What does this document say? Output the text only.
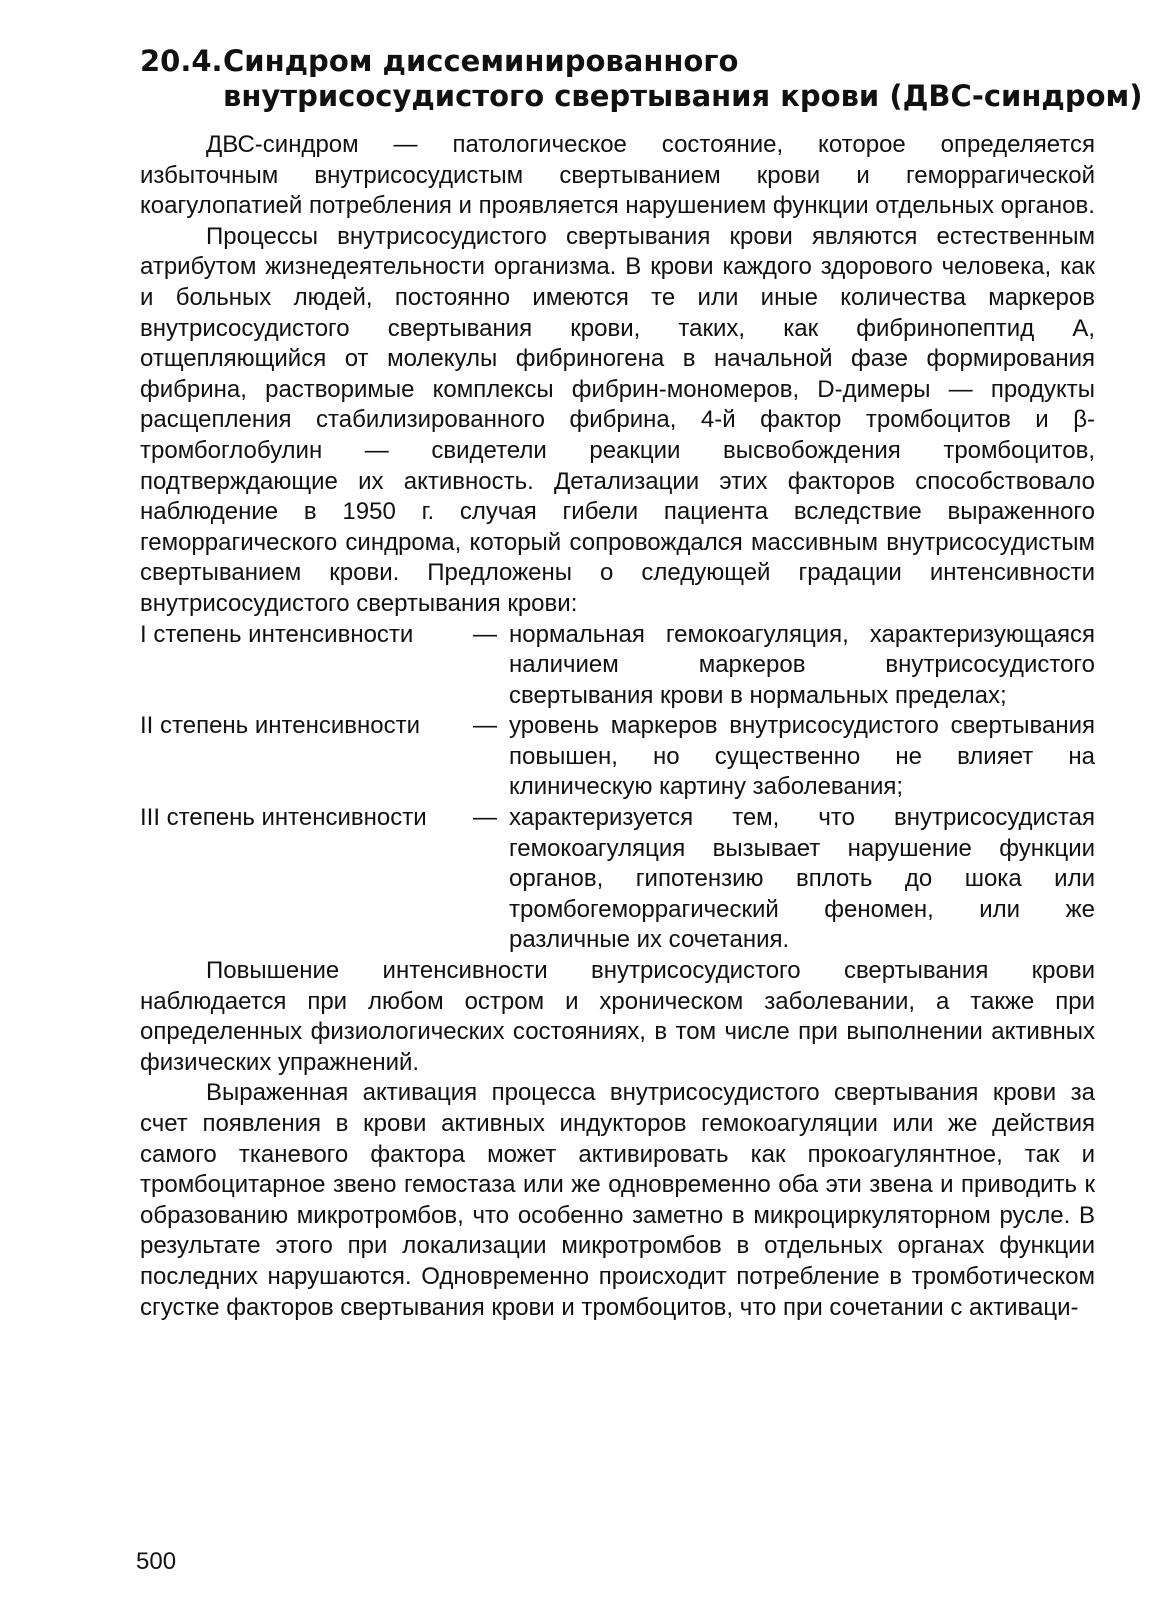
20.4. Синдром диссеминированного
внутрисосудистого свертывания крови (ДВС-синдром)

ДВС-синдром — патологическое состояние, которое определяется избыточным внутрисосудистым свертыванием крови и геморрагической коагулопатией потребления и проявляется нарушением функции отдельных органов.

Процессы внутрисосудистого свертывания крови являются естественным атрибутом жизнедеятельности организма. В крови каждого здорового человека, как и больных людей, постоянно имеются те или иные количества маркеров внутрисосудистого свертывания крови, таких, как фибринопептид А, отщепляющийся от молекулы фибриногена в начальной фазе формирования фибрина, растворимые комплексы фибрин-мономеров, D-димеры — продукты расщепления стабилизированного фибрина, 4-й фактор тромбоцитов и β-тромбоглобулин — свидетели реакции высвобождения тромбоцитов, подтверждающие их активность. Детализации этих факторов способствовало наблюдение в 1950 г. случая гибели пациента вследствие выраженного геморрагического синдрома, который сопровождался массивным внутрисосудистым свертыванием крови. Предложены о следующей градации интенсивности внутрисосудистого свертывания крови:

I степень интенсивности	— нормальная гемокоагуляция, характеризующаяся наличием маркеров внутрисосудистого свертывания крови в нормальных пределах;
II степень интенсивности	— уровень маркеров внутрисосудистого свертывания повышен, но существенно не влияет на клиническую картину заболевания;
III степень интенсивности	— характеризуется тем, что внутрисосудистая гемокоагуляция вызывает нарушение функции органов, гипотензию вплоть до шока или тромбогеморрагический феномен, или же различные их сочетания.

Повышение интенсивности внутрисосудистого свертывания крови наблюдается при любом остром и хроническом заболевании, а также при определенных физиологических состояниях, в том числе при выполнении активных физических упражнений.

Выраженная активация процесса внутрисосудистого свертывания крови за счет появления в крови активных индукторов гемокоагуляции или же действия самого тканевого фактора может активировать как прокоагулянтное, так и тромбоцитарное звено гемостаза или же одновременно оба эти звена и приводить к образованию микротромбов, что особенно заметно в микроциркуляторном русле. В результате этого при локализации микротромбов в отдельных органах функции последних нарушаются. Одновременно происходит потребление в тромботическом сгустке факторов свертывания крови и тромбоцитов, что при сочетании с активаци-

500
